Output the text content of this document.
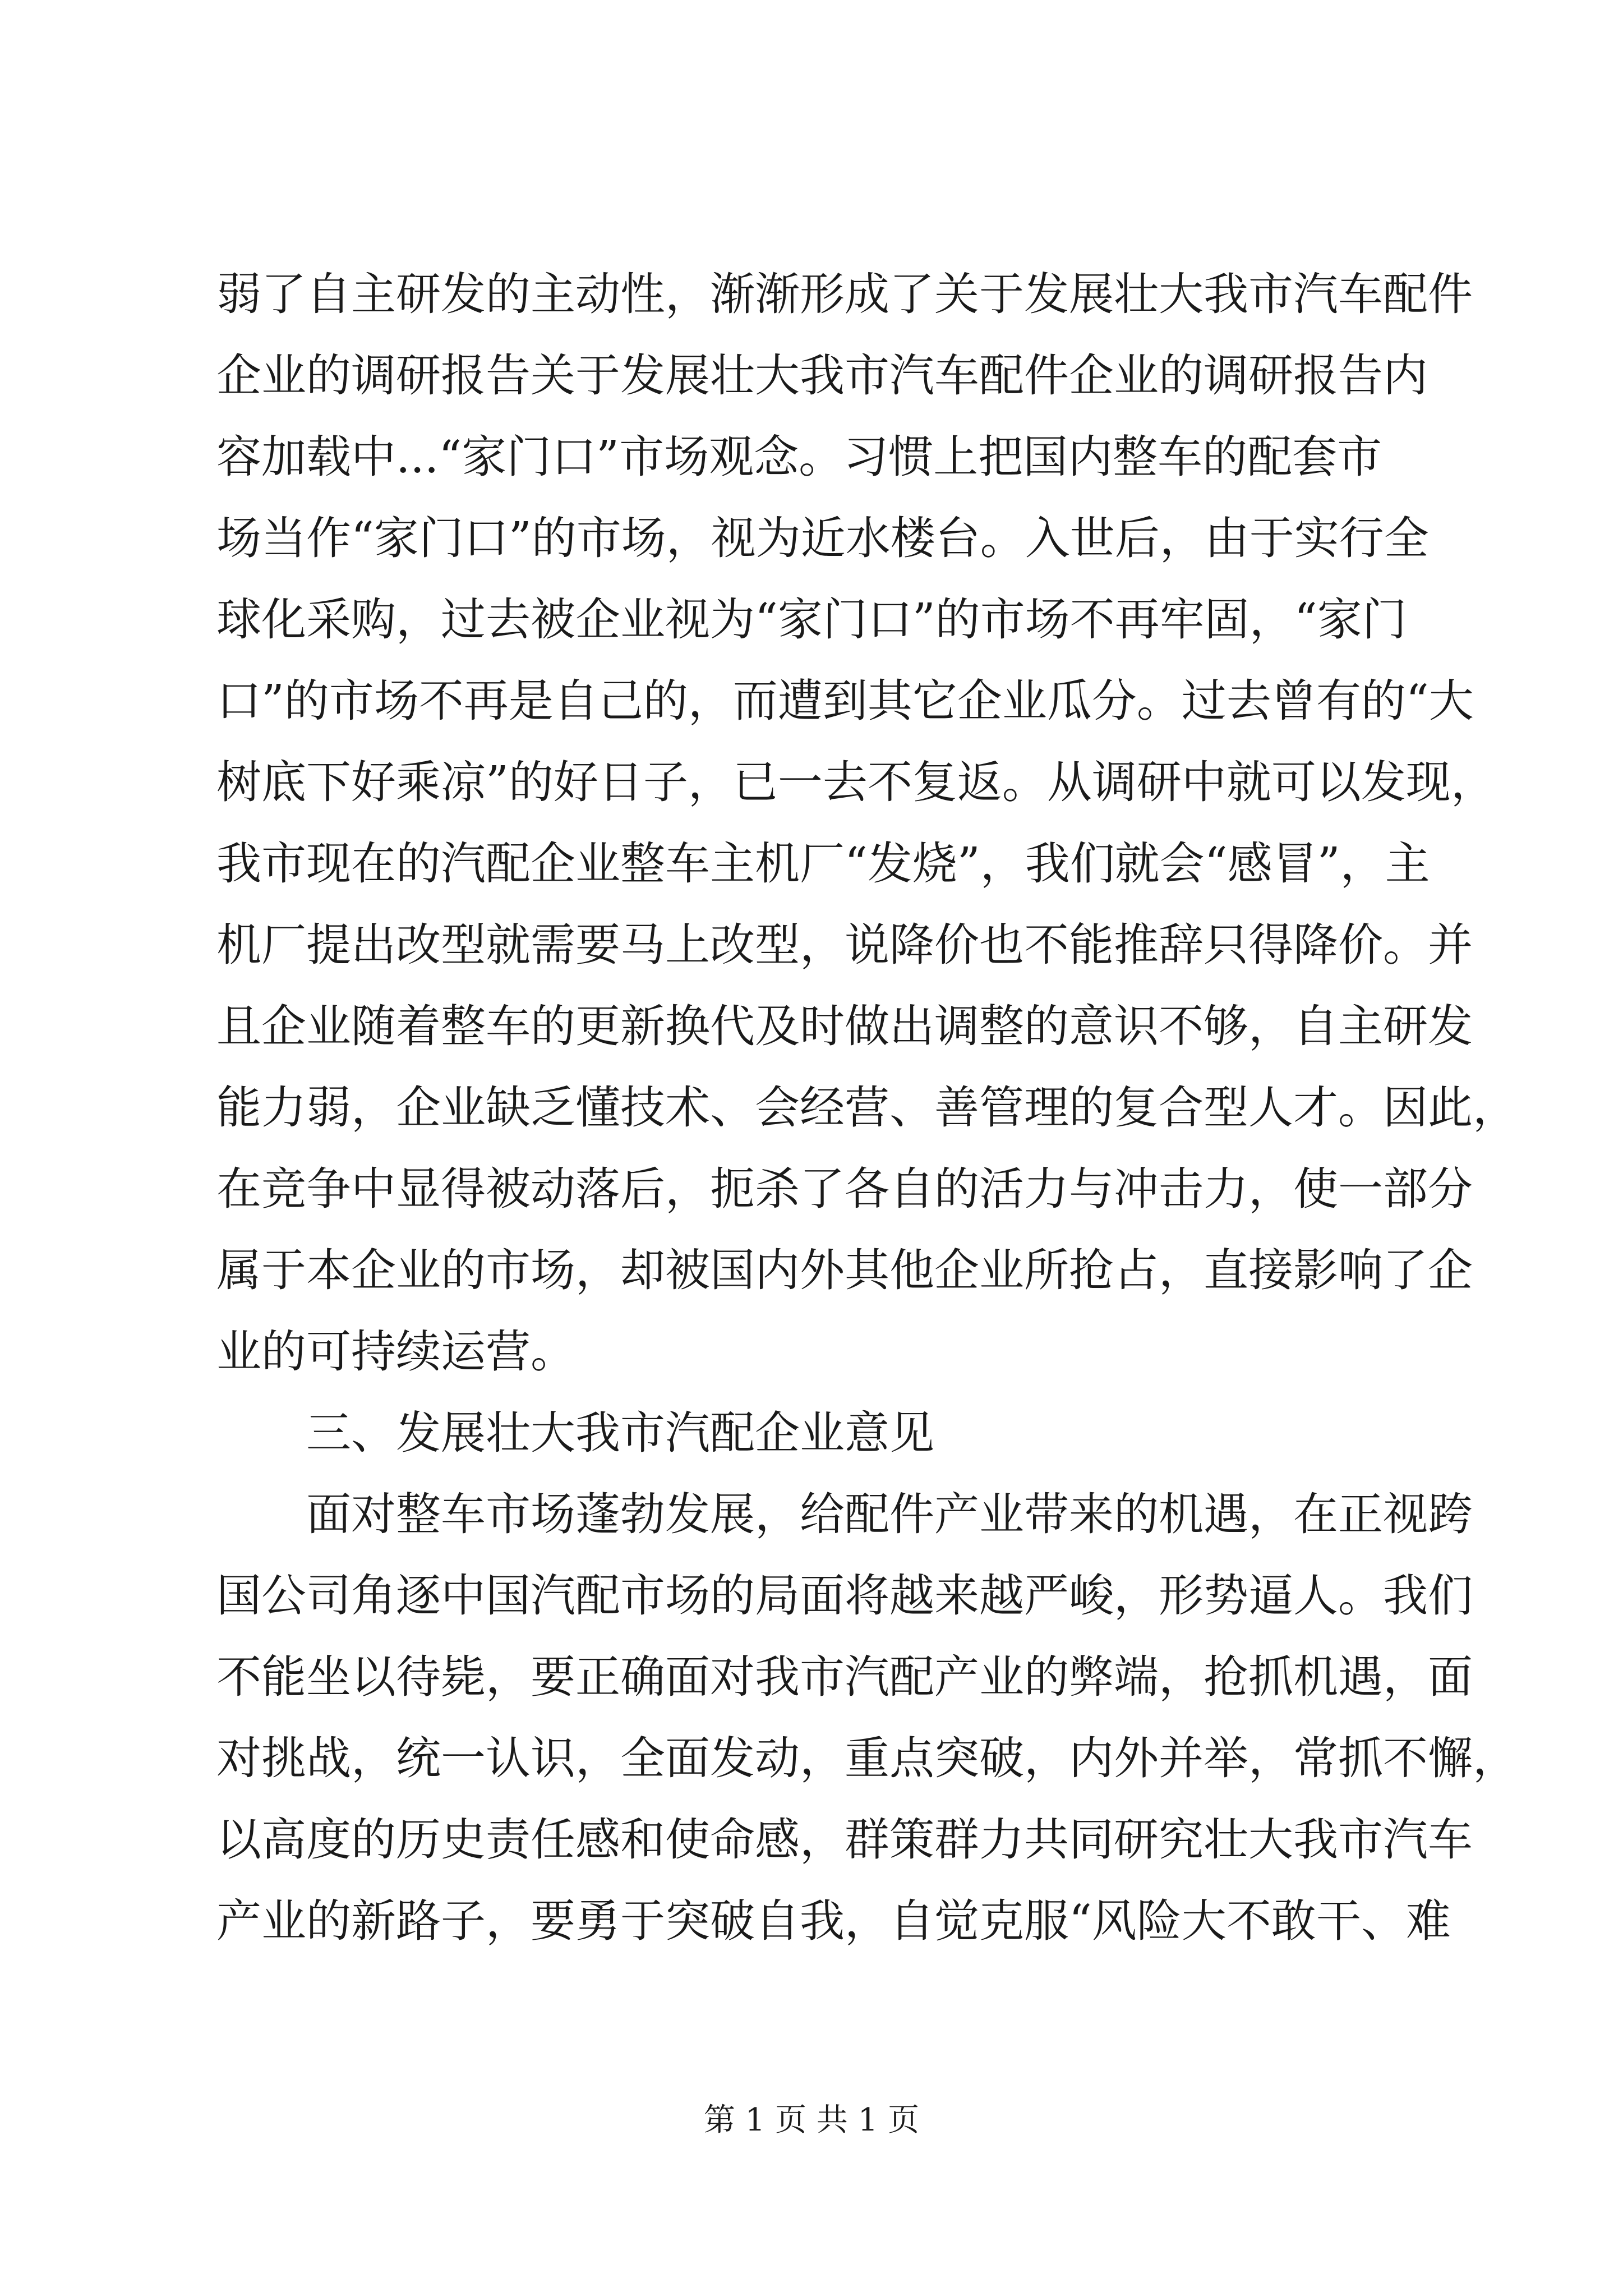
弱了自主研发的主动性，渐渐形成了关于发展壮大我市汽车配件
企业的调研报告关于发展壮大我市汽车配件企业的调研报告内
容加载中...“家门口”市场观念。习惯上把国内整车的配套市
场当作“家门口”的市场，视为近水楼台。入世后，由于实行全
球化采购，过去被企业视为“家门口”的市场不再牢固，“家门
口”的市场不再是自己的，而遭到其它企业瓜分。过去曾有的“大
树底下好乘凉”的好日子，已一去不复返。从调研中就可以发现，
我市现在的汽配企业整车主机厂“发烧”，我们就会“感冒”，主
机厂提出改型就需要马上改型，说降价也不能推辞只得降价。并
且企业随着整车的更新换代及时做出调整的意识不够，自主研发
能力弱，企业缺乏懂技术、会经营、善管理的复合型人才。因此，
在竞争中显得被动落后，扼杀了各自的活力与冲击力，使一部分
属于本企业的市场，却被国内外其他企业所抢占，直接影响了企
业的可持续运营。
三、发展壮大我市汽配企业意见
面对整车市场蓬勃发展，给配件产业带来的机遇，在正视跨
国公司角逐中国汽配市场的局面将越来越严峻，形势逼人。我们
不能坐以待毙，要正确面对我市汽配产业的弊端，抢抓机遇，面
对挑战，统一认识，全面发动，重点突破，内外并举，常抓不懈，
以高度的历史责任感和使命感，群策群力共同研究壮大我市汽车
产业的新路子，要勇于突破自我，自觉克服“风险大不敢干、难
第 1 页 共 1 页
